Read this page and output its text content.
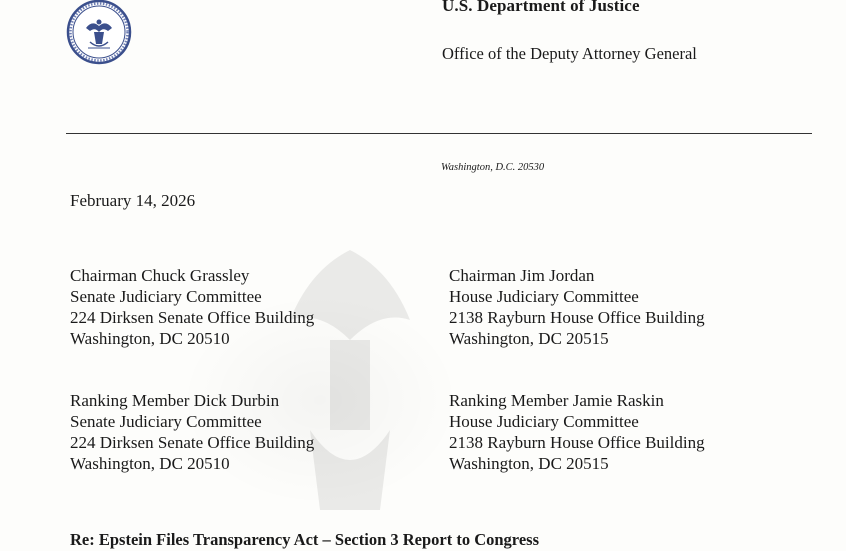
U.S. Department of Justice
Office of the Deputy Attorney General
Washington, D.C. 20530
February 14, 2026
Chairman Chuck Grassley
Senate Judiciary Committee
224 Dirksen Senate Office Building
Washington, DC 20510
Chairman Jim Jordan
House Judiciary Committee
2138 Rayburn House Office Building
Washington, DC 20515
Ranking Member Dick Durbin
Senate Judiciary Committee
224 Dirksen Senate Office Building
Washington, DC 20510
Ranking Member Jamie Raskin
House Judiciary Committee
2138 Rayburn House Office Building
Washington, DC 20515
Re: Epstein Files Transparency Act – Section 3 Report to Congress
